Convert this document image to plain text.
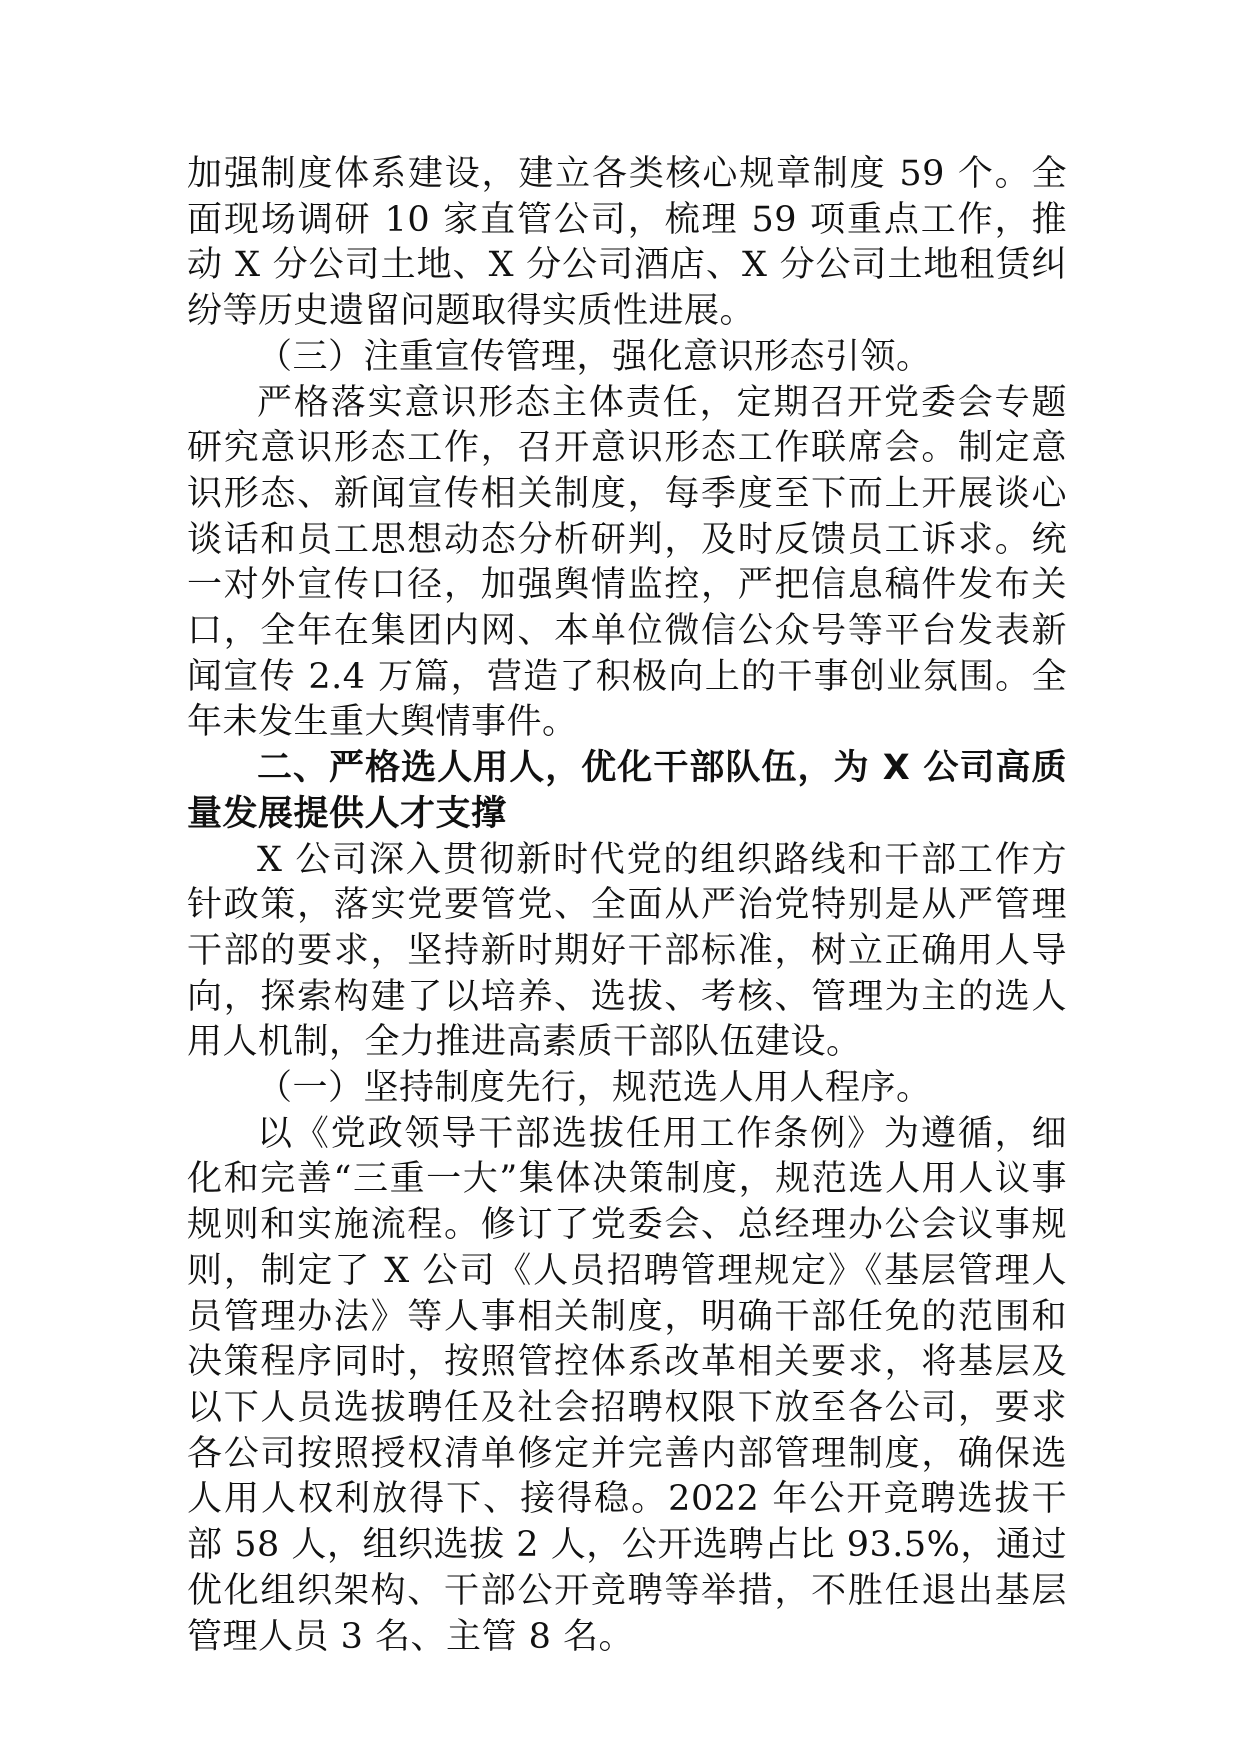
加强制度体系建设，建立各类核心规章制度 59 个。全面现场调研 10 家直管公司，梳理 59 项重点工作，推动 X 分公司土地、X 分公司酒店、X 分公司土地租赁纠纷等历史遗留问题取得实质性进展。

（三）注重宣传管理，强化意识形态引领。

严格落实意识形态主体责任，定期召开党委会专题研究意识形态工作，召开意识形态工作联席会。制定意识形态、新闻宣传相关制度，每季度至下而上开展谈心谈话和员工思想动态分析研判，及时反馈员工诉求。统一对外宣传口径，加强舆情监控，严把信息稿件发布关口，全年在集团内网、本单位微信公众号等平台发表新闻宣传 2.4 万篇，营造了积极向上的干事创业氛围。全年未发生重大舆情事件。

二、严格选人用人，优化干部队伍，为 X 公司高质量发展提供人才支撑

X 公司深入贯彻新时代党的组织路线和干部工作方针政策，落实党要管党、全面从严治党特别是从严管理干部的要求，坚持新时期好干部标准，树立正确用人导向，探索构建了以培养、选拔、考核、管理为主的选人用人机制，全力推进高素质干部队伍建设。

（一）坚持制度先行，规范选人用人程序。

以《党政领导干部选拔任用工作条例》为遵循，细化和完善“三重一大”集体决策制度，规范选人用人议事规则和实施流程。修订了党委会、总经理办公会议事规则，制定了 X 公司《人员招聘管理规定》《基层管理人员管理办法》等人事相关制度，明确干部任免的范围和决策程序同时，按照管控体系改革相关要求，将基层及以下人员选拔聘任及社会招聘权限下放至各公司，要求各公司按照授权清单修定并完善内部管理制度，确保选人用人权利放得下、接得稳。2022 年公开竞聘选拔干部 58 人，组织选拔 2 人，公开选聘占比 93.5%，通过优化组织架构、干部公开竞聘等举措，不胜任退出基层管理人员 3 名、主管 8 名。
